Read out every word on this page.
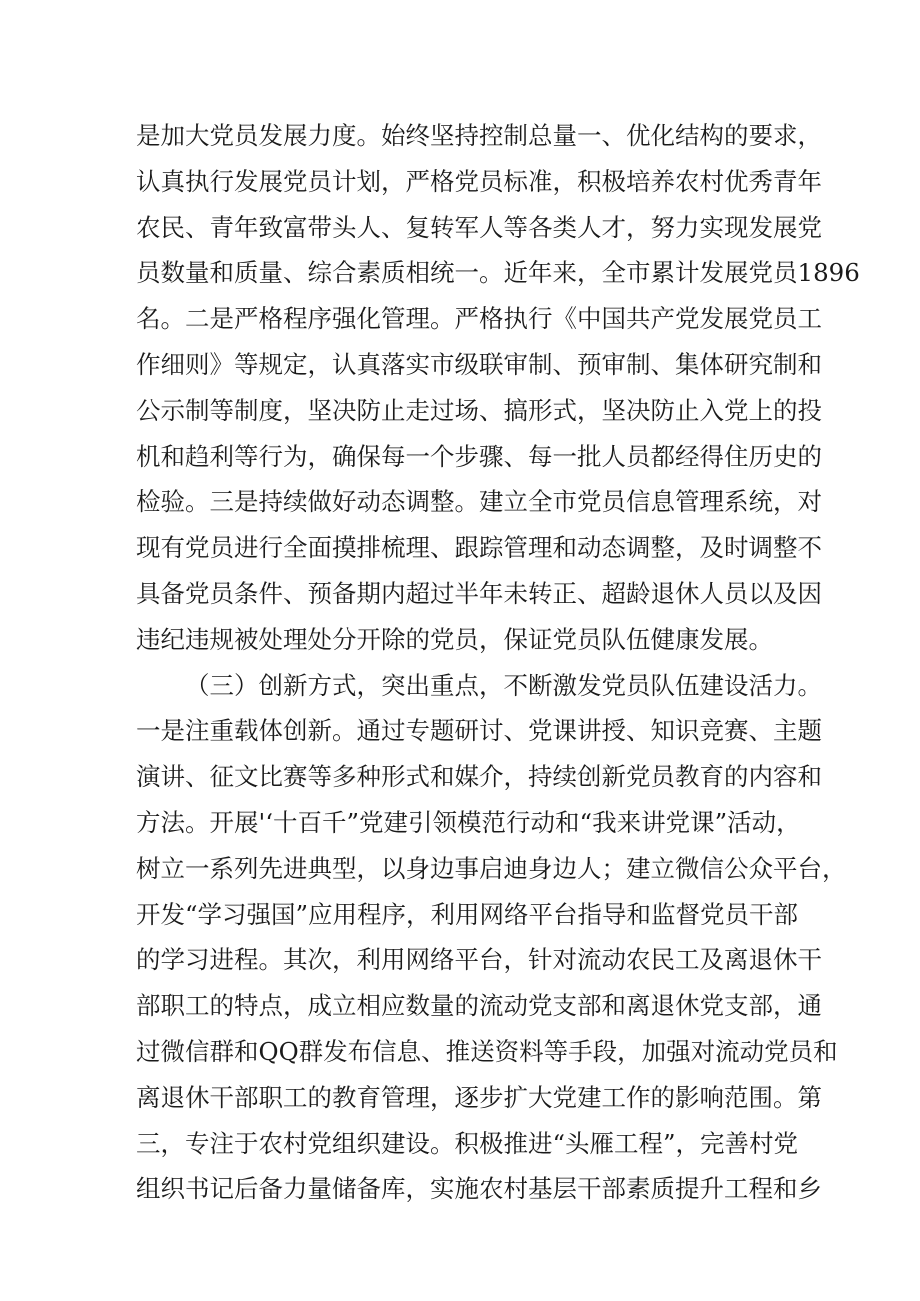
是加大党员发展力度。始终坚持控制总量一、优化结构的要求，
认真执行发展党员计划，严格党员标准，积极培养农村优秀青年
农民、青年致富带头人、复转军人等各类人才，努力实现发展党
员数量和质量、综合素质相统一。近年来，全市累计发展党员1896
名。二是严格程序强化管理。严格执行《中国共产党发展党员工
作细则》等规定，认真落实市级联审制、预审制、集体研究制和
公示制等制度，坚决防止走过场、搞形式，坚决防止入党上的投
机和趋利等行为，确保每一个步骤、每一批人员都经得住历史的
检验。三是持续做好动态调整。建立全市党员信息管理系统，对
现有党员进行全面摸排梳理、跟踪管理和动态调整，及时调整不
具备党员条件、预备期内超过半年未转正、超龄退休人员以及因
违纪违规被处理处分开除的党员，保证党员队伍健康发展。
（三）创新方式，突出重点，不断激发党员队伍建设活力。
一是注重载体创新。通过专题研讨、党课讲授、知识竞赛、主题
演讲、征文比赛等多种形式和媒介，持续创新党员教育的内容和
方法。开展'‘十百千”党建引领模范行动和“我来讲党课”活动，
树立一系列先进典型，以身边事启迪身边人；建立微信公众平台，
开发“学习强国”应用程序，利用网络平台指导和监督党员干部
的学习进程。其次，利用网络平台，针对流动农民工及离退休干
部职工的特点，成立相应数量的流动党支部和离退休党支部，通
过微信群和QQ群发布信息、推送资料等手段，加强对流动党员和
离退休干部职工的教育管理，逐步扩大党建工作的影响范围。第
三，专注于农村党组织建设。积极推进“头雁工程”，完善村党
组织书记后备力量储备库，实施农村基层干部素质提升工程和乡
